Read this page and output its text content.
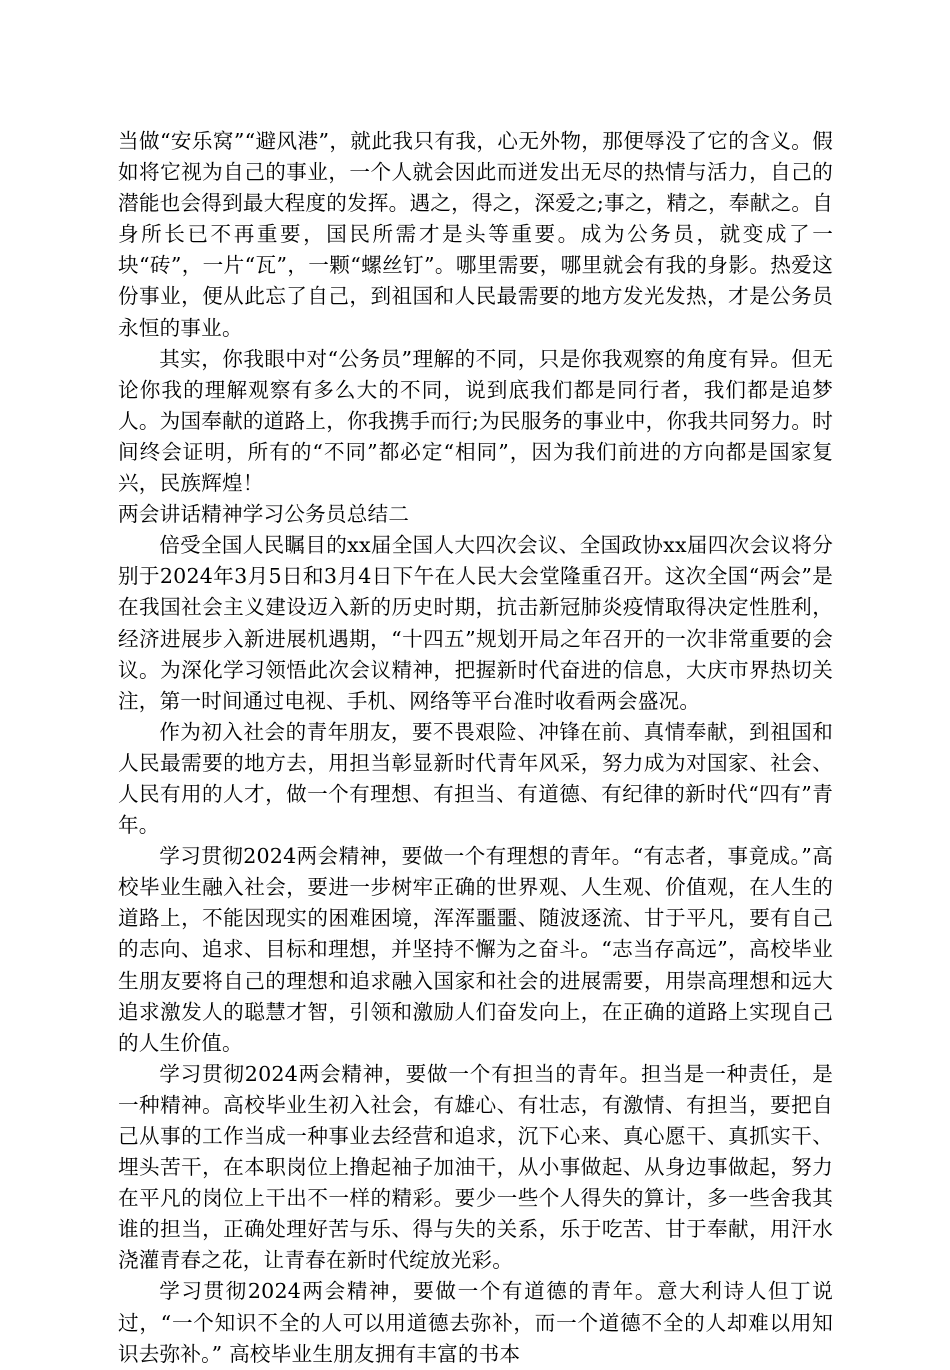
当做“安乐窝”“避风港”，就此我只有我，心无外物，那便辱没了它的含义。假如将它视为自己的事业，一个人就会因此而迸发出无尽的热情与活力，自己的潜能也会得到最大程度的发挥。遇之，得之，深爱之;事之，精之，奉献之。自身所长已不再重要，国民所需才是头等重要。成为公务员，就变成了一块“砖”，一片“瓦”，一颗“螺丝钉”。哪里需要，哪里就会有我的身影。热爱这份事业，便从此忘了自己，到祖国和人民最需要的地方发光发热，才是公务员永恒的事业。

其实，你我眼中对“公务员”理解的不同，只是你我观察的角度有异。但无论你我的理解观察有多么大的不同，说到底我们都是同行者，我们都是追梦人。为国奉献的道路上，你我携手而行;为民服务的事业中，你我共同努力。时间终会证明，所有的“不同”都必定“相同”，因为我们前进的方向都是国家复兴，民族辉煌！

两会讲话精神学习公务员总结二

倍受全国人民瞩目的xx届全国人大四次会议、全国政协xx届四次会议将分别于2024年3月5日和3月4日下午在人民大会堂隆重召开。这次全国“两会”是在我国社会主义建设迈入新的历史时期，抗击新冠肺炎疫情取得决定性胜利，经济进展步入新进展机遇期，“十四五”规划开局之年召开的一次非常重要的会议。为深化学习领悟此次会议精神，把握新时代奋进的信息，大庆市界热切关注，第一时间通过电视、手机、网络等平台准时收看两会盛况。

作为初入社会的青年朋友，要不畏艰险、冲锋在前、真情奉献，到祖国和人民最需要的地方去，用担当彰显新时代青年风采，努力成为对国家、社会、人民有用的人才，做一个有理想、有担当、有道德、有纪律的新时代“四有”青年。

学习贯彻2024两会精神，要做一个有理想的青年。“有志者，事竟成。”高校毕业生融入社会，要进一步树牢正确的世界观、人生观、价值观，在人生的道路上，不能因现实的困难困境，浑浑噩噩、随波逐流、甘于平凡，要有自己的志向、追求、目标和理想，并坚持不懈为之奋斗。“志当存高远”，高校毕业生朋友要将自己的理想和追求融入国家和社会的进展需要，用崇高理想和远大追求激发人的聪慧才智，引领和激励人们奋发向上，在正确的道路上实现自己的人生价值。

学习贯彻2024两会精神，要做一个有担当的青年。担当是一种责任，是一种精神。高校毕业生初入社会，有雄心、有壮志，有激情、有担当，要把自己从事的工作当成一种事业去经营和追求，沉下心来、真心愿干、真抓实干、埋头苦干，在本职岗位上撸起袖子加油干，从小事做起、从身边事做起，努力在平凡的岗位上干出不一样的精彩。要少一些个人得失的算计，多一些舍我其谁的担当，正确处理好苦与乐、得与失的关系，乐于吃苦、甘于奉献，用汗水浇灌青春之花，让青春在新时代绽放光彩。

学习贯彻2024两会精神，要做一个有道德的青年。意大利诗人但丁说过，“一个知识不全的人可以用道德去弥补，而一个道德不全的人却难以用知识去弥补。” 高校毕业生朋友拥有丰富的书本
